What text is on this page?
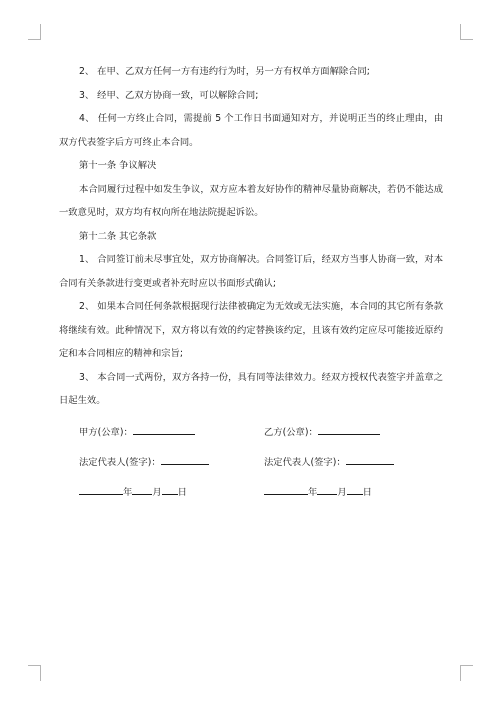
2、 在甲、乙双方任何一方有违约行为时，另一方有权单方面解除合同;

3、 经甲、乙双方协商一致，可以解除合同;

4、 任何一方终止合同，需提前 5 个工作日书面通知对方，并说明正当的终止理由，由双方代表签字后方可终止本合同。

第十一条 争议解决

本合同履行过程中如发生争议，双方应本着友好协作的精神尽量协商解决，若仍不能达成一致意见时，双方均有权向所在地法院提起诉讼。

第十二条 其它条款

1、 合同签订前未尽事宜处，双方协商解决。合同签订后，经双方当事人协商一致，对本合同有关条款进行变更或者补充时应以书面形式确认;

2、 如果本合同任何条款根据现行法律被确定为无效或无法实施，本合同的其它所有条款将继续有效。此种情况下，双方将以有效的约定替换该约定，且该有效约定应尽可能接近原约定和本合同相应的精神和宗旨;

3、 本合同一式两份，双方各持一份，具有同等法律效力。经双方授权代表签字并盖章之日起生效。

甲方(公章)：	乙方(公章)：
法定代表人(签字)：	法定代表人(签字)：
年 月 日	年 月 日
